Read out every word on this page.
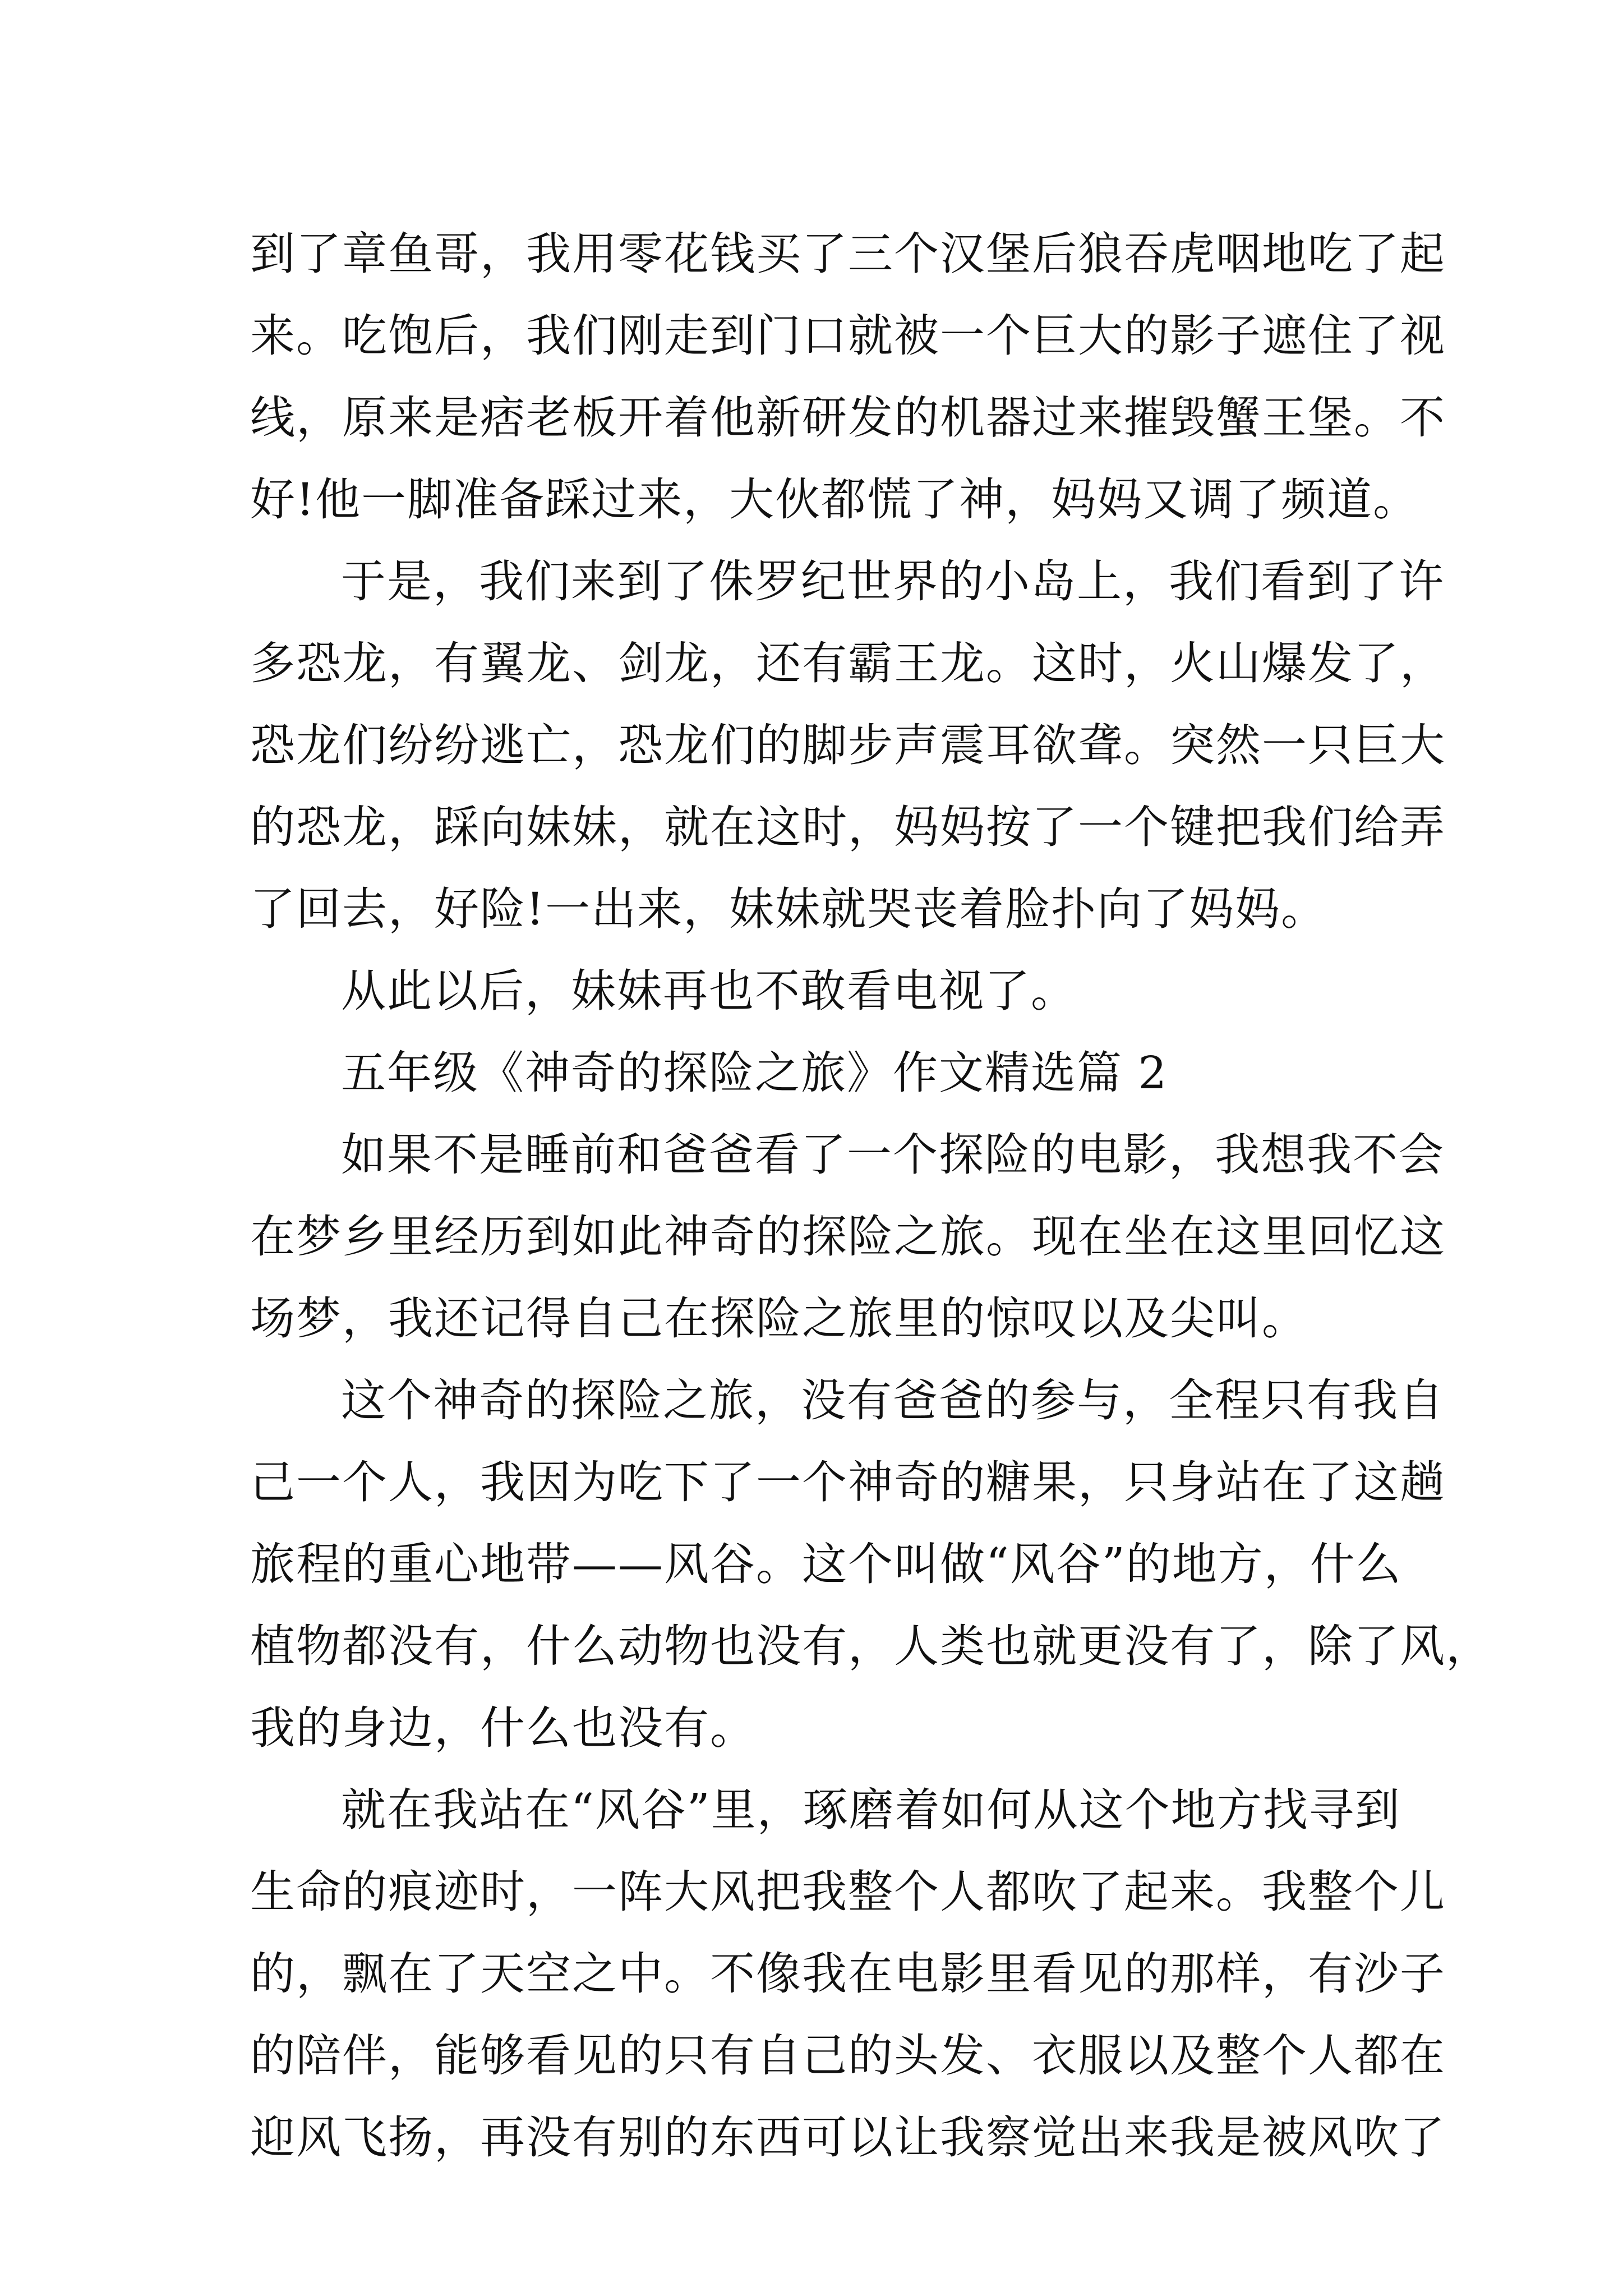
到了章鱼哥，我用零花钱买了三个汉堡后狼吞虎咽地吃了起
来。吃饱后，我们刚走到门口就被一个巨大的影子遮住了视
线，原来是痞老板开着他新研发的机器过来摧毁蟹王堡。不
好!他一脚准备踩过来，大伙都慌了神，妈妈又调了频道。
于是，我们来到了侏罗纪世界的小岛上，我们看到了许
多恐龙，有翼龙、剑龙，还有霸王龙。这时，火山爆发了，
恐龙们纷纷逃亡，恐龙们的脚步声震耳欲聋。突然一只巨大
的恐龙，踩向妹妹，就在这时，妈妈按了一个键把我们给弄
了回去，好险!一出来，妹妹就哭丧着脸扑向了妈妈。
从此以后，妹妹再也不敢看电视了。
五年级《神奇的探险之旅》作文精选篇 2
如果不是睡前和爸爸看了一个探险的电影，我想我不会
在梦乡里经历到如此神奇的探险之旅。现在坐在这里回忆这
场梦，我还记得自己在探险之旅里的惊叹以及尖叫。
这个神奇的探险之旅，没有爸爸的参与，全程只有我自
己一个人，我因为吃下了一个神奇的糖果，只身站在了这趟
旅程的重心地带——风谷。这个叫做“风谷”的地方，什么
植物都没有，什么动物也没有，人类也就更没有了，除了风，
我的身边，什么也没有。
就在我站在“风谷”里，琢磨着如何从这个地方找寻到
生命的痕迹时，一阵大风把我整个人都吹了起来。我整个儿
的，飘在了天空之中。不像我在电影里看见的那样，有沙子
的陪伴，能够看见的只有自己的头发、衣服以及整个人都在
迎风飞扬，再没有别的东西可以让我察觉出来我是被风吹了
